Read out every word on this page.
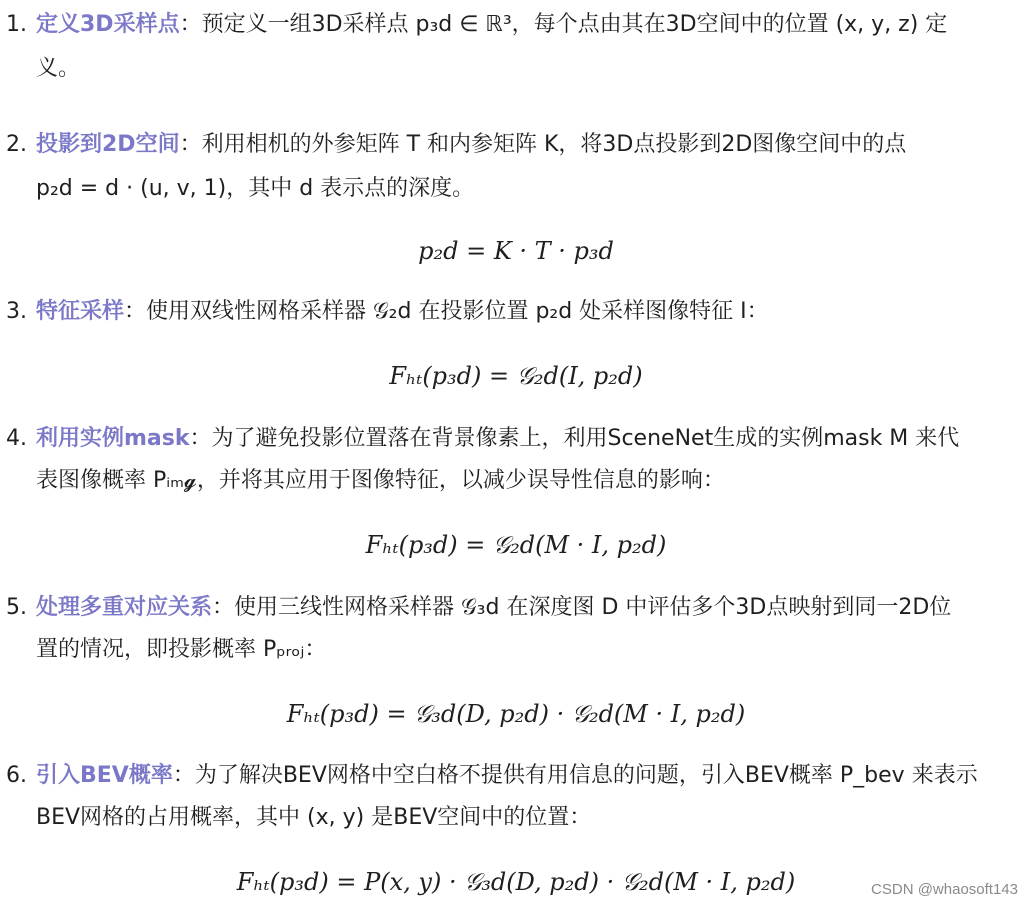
1. 定义3D采样点：预定义一组3D采样点 p₃d ∈ ℝ³，每个点由其在3D空间中的位置 (x, y, z) 定
义。
2. 投影到2D空间：利用相机的外参矩阵 T 和内参矩阵 K，将3D点投影到2D图像空间中的点
p₂d = d · (u, v, 1)，其中 d 表示点的深度。
p₂d = K · T · p₃d
3. 特征采样：使用双线性网格采样器 𝒢₂d 在投影位置 p₂d 处采样图像特征 I：
Fₕₜ(p₃d) = 𝒢₂d(I, p₂d)
4. 利用实例mask：为了避免投影位置落在背景像素上，利用SceneNet生成的实例mask M 来代
表图像概率 Pᵢₘ𝓰，并将其应用于图像特征，以减少误导性信息的影响：
Fₕₜ(p₃d) = 𝒢₂d(M · I, p₂d)
5. 处理多重对应关系：使用三线性网格采样器 𝒢₃d 在深度图 D 中评估多个3D点映射到同一2D位
置的情况，即投影概率 Pₚᵣₒⱼ：
Fₕₜ(p₃d) = 𝒢₃d(D, p₂d) · 𝒢₂d(M · I, p₂d)
6. 引入BEV概率：为了解决BEV网格中空白格不提供有用信息的问题，引入BEV概率 P_bev 来表示
BEV网格的占用概率，其中 (x, y) 是BEV空间中的位置：
Fₕₜ(p₃d) = P(x, y) · 𝒢₃d(D, p₂d) · 𝒢₂d(M · I, p₂d)	CSDN @whaosoft143
